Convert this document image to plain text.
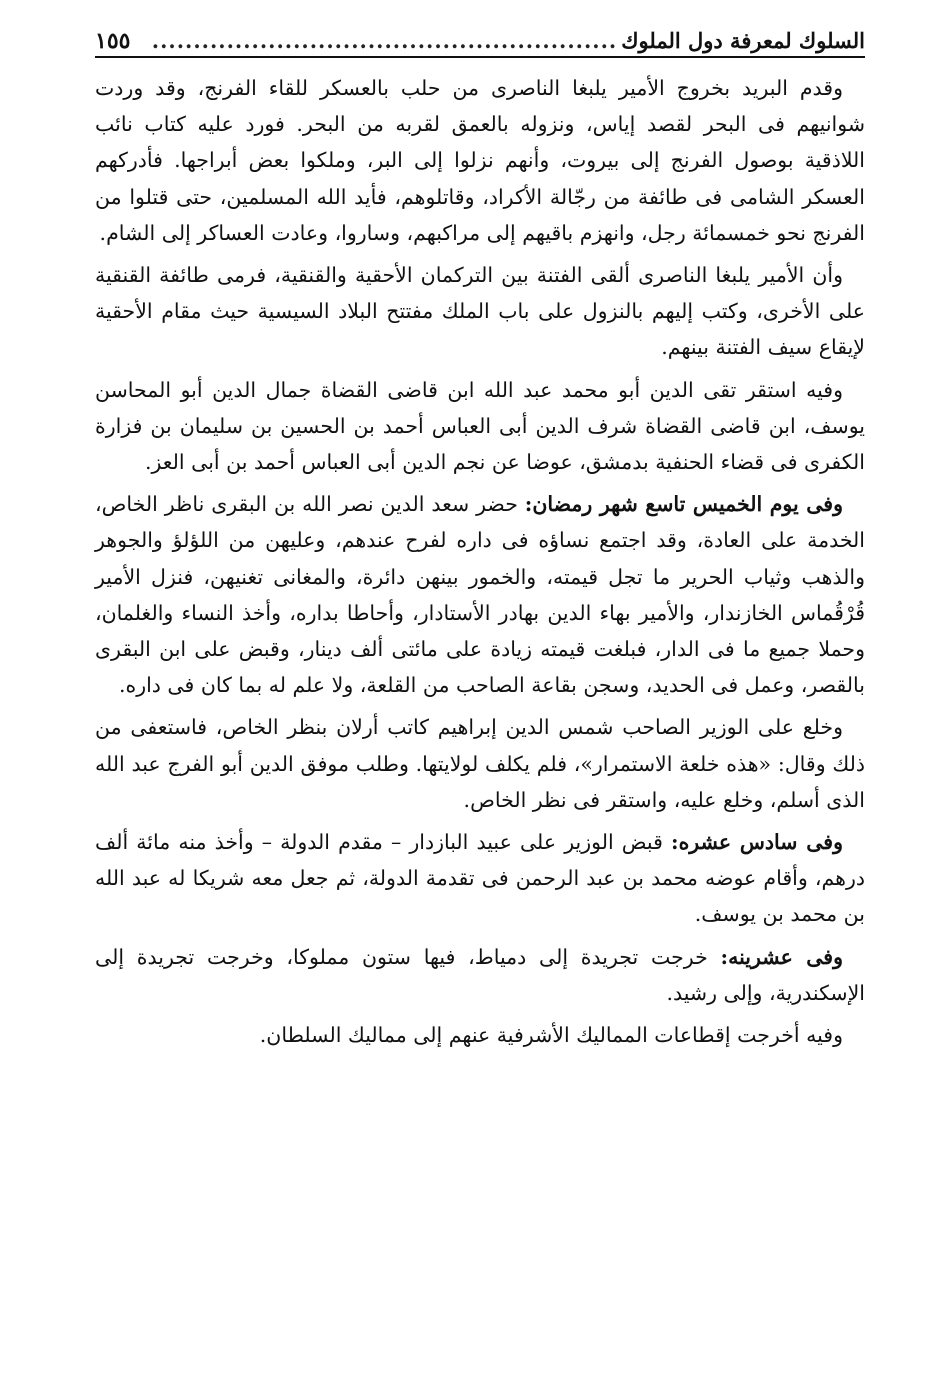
السلوك لمعرفة دول الملوك
........................................................
١٥٥

وقدم البريد بخروج الأمير يلبغا الناصرى من حلب بالعسكر للقاء الفرنج، وقد وردت شوانيهم فى البحر لقصد إياس، ونزوله بالعمق لقربه من البحر. فورد عليه كتاب نائب اللاذقية بوصول الفرنج إلى بيروت، وأنهم نزلوا إلى البر، وملكوا بعض أبراجها. فأدركهم العسكر الشامى فى طائفة من رجّالة الأكراد، وقاتلوهم، فأيد الله المسلمين، حتى قتلوا من الفرنج نحو خمسمائة رجل، وانهزم باقيهم إلى مراكبهم، وساروا، وعادت العساكر إلى الشام.

وأن الأمير يلبغا الناصرى ألقى الفتنة بين التركمان الأحقية والقنقية، فرمى طائفة القنقية على الأخرى، وكتب إليهم بالنزول على باب الملك مفتتح البلاد السيسية حيث مقام الأحقية لإيقاع سيف الفتنة بينهم.

وفيه استقر تقى الدين أبو محمد عبد الله ابن قاضى القضاة جمال الدين أبو المحاسن يوسف، ابن قاضى القضاة شرف الدين أبى العباس أحمد بن الحسين بن سليمان بن فزارة الكفرى فى قضاء الحنفية بدمشق، عوضا عن نجم الدين أبى العباس أحمد بن أبى العز.

وفى يوم الخميس تاسع شهر رمضان: حضر سعد الدين نصر الله بن البقرى ناظر الخاص، الخدمة على العادة، وقد اجتمع نساؤه فى داره لفرح عندهم، وعليهن من اللؤلؤ والجوهر والذهب وثياب الحرير ما تجل قيمته، والخمور بينهن دائرة، والمغانى تغنيهن، فنزل الأمير قُرْقُماس الخازندار، والأمير بهاء الدين بهادر الأستادار، وأحاطا بداره، وأخذ النساء والغلمان، وحملا جميع ما فى الدار، فبلغت قيمته زيادة على مائتى ألف دينار، وقبض على ابن البقرى بالقصر، وعمل فى الحديد، وسجن بقاعة الصاحب من القلعة، ولا علم له بما كان فى داره.

وخلع على الوزير الصاحب شمس الدين إبراهيم كاتب أرلان بنظر الخاص، فاستعفى من ذلك وقال: «هذه خلعة الاستمرار»، فلم يكلف لولايتها. وطلب موفق الدين أبو الفرج عبد الله الذى أسلم، وخلع عليه، واستقر فى نظر الخاص.

وفى سادس عشره: قبض الوزير على عبيد البازدار – مقدم الدولة – وأخذ منه مائة ألف درهم، وأقام عوضه محمد بن عبد الرحمن فى تقدمة الدولة، ثم جعل معه شريكا له عبد الله بن محمد بن يوسف.

وفى عشرينه: خرجت تجريدة إلى دمياط، فيها ستون مملوكا، وخرجت تجريدة إلى الإسكندرية، وإلى رشيد.

وفيه أخرجت إقطاعات المماليك الأشرفية عنهم إلى مماليك السلطان.
